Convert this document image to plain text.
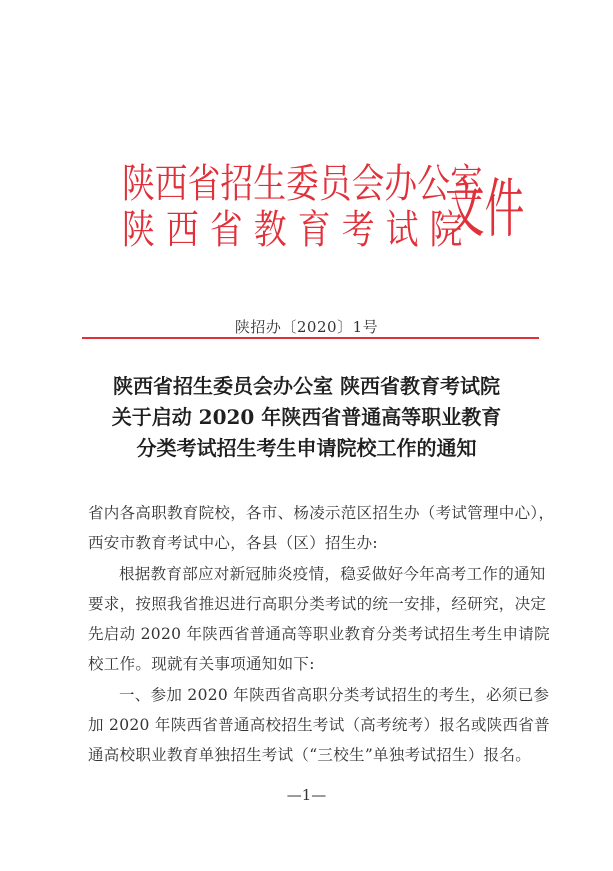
陕西省招生委员会办公室
陕西省教育考试院
文件
陕招办〔2020〕1号
陕西省招生委员会办公室 陕西省教育考试院
关于启动 2020 年陕西省普通高等职业教育
分类考试招生考生申请院校工作的通知

省内各高职教育院校，各市、杨凌示范区招生办（考试管理中心），西安市教育考试中心，各县（区）招生办:

根据教育部应对新冠肺炎疫情，稳妥做好今年高考工作的通知要求，按照我省推迟进行高职分类考试的统一安排，经研究，决定先启动 2020 年陕西省普通高等职业教育分类考试招生考生申请院校工作。现就有关事项通知如下:

一、参加 2020 年陕西省高职分类考试招生的考生，必须已参加 2020 年陕西省普通高校招生考试（高考统考）报名或陕西省普通高校职业教育单独招生考试（“三校生”单独考试招生）报名。

—1—
